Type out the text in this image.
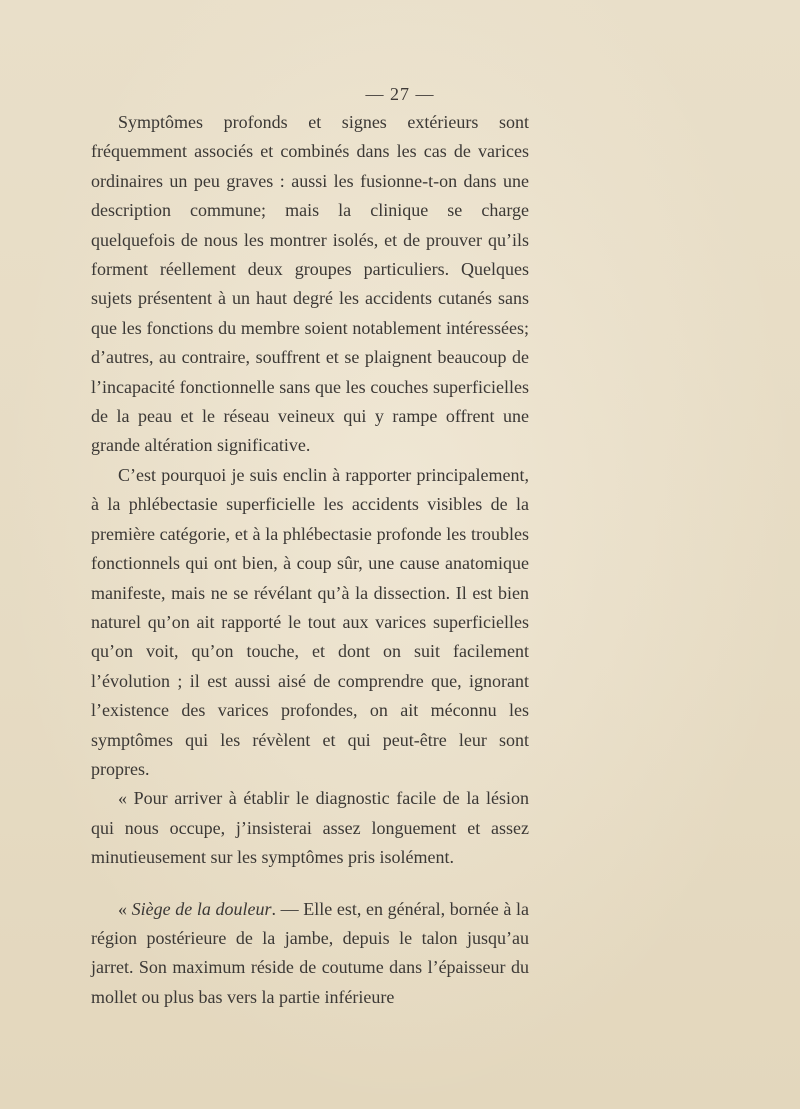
— 27 —

Symptômes profonds et signes extérieurs sont fréquemment associés et combinés dans les cas de varices ordinaires un peu graves : aussi les fusionne-t-on dans une description commune; mais la clinique se charge quelquefois de nous les montrer isolés, et de prouver qu’ils forment réellement deux groupes particuliers. Quelques sujets présentent à un haut degré les accidents cutanés sans que les fonctions du membre soient notablement intéressées; d’autres, au contraire, souffrent et se plaignent beaucoup de l’incapacité fonctionnelle sans que les couches superficielles de la peau et le réseau veineux qui y rampe offrent une grande altération significative.

C’est pourquoi je suis enclin à rapporter principalement, à la phlébectasie superficielle les accidents visibles de la première catégorie, et à la phlébectasie profonde les troubles fonctionnels qui ont bien, à coup sûr, une cause anatomique manifeste, mais ne se révélant qu’à la dissection. Il est bien naturel qu’on ait rapporté le tout aux varices superficielles qu’on voit, qu’on touche, et dont on suit facilement l’évolution ; il est aussi aisé de comprendre que, ignorant l’existence des varices profondes, on ait méconnu les symptômes qui les révèlent et qui peut-être leur sont propres.

« Pour arriver à établir le diagnostic facile de la lésion qui nous occupe, j’insisterai assez longuement et assez minutieusement sur les symptômes pris isolément.

« Siège de la douleur. — Elle est, en général, bornée à la région postérieure de la jambe, depuis le talon jusqu’au jarret. Son maximum réside de coutume dans l’épaisseur du mollet ou plus bas vers la partie inférieure
